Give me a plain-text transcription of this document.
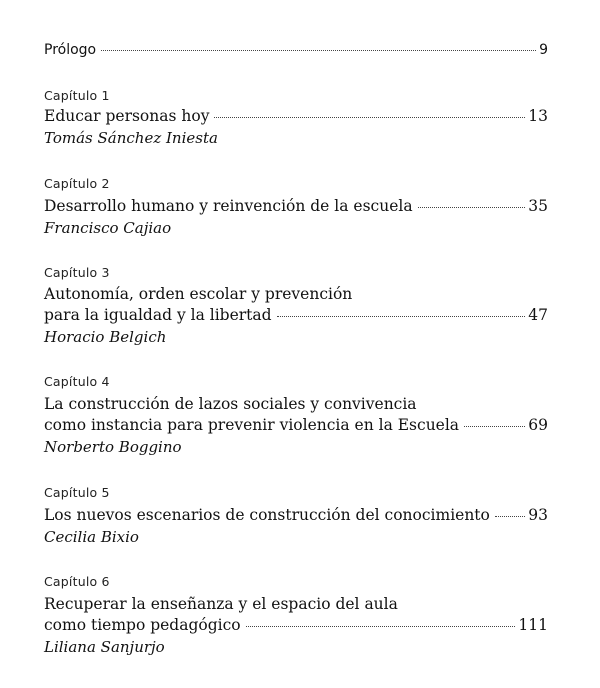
Prólogo	9
Capítulo 1
Educar personas hoy	13
Tomás Sánchez Iniesta
Capítulo 2
Desarrollo humano y reinvención de la escuela	35
Francisco Cajiao
Capítulo 3
Autonomía, orden escolar y prevención
para la igualdad y la libertad	47
Horacio Belgich
Capítulo 4
La construcción de lazos sociales y convivencia
como instancia para prevenir violencia en la Escuela	69
Norberto Boggino
Capítulo 5
Los nuevos escenarios de construcción del conocimiento 93
Cecilia Bixio
Capítulo 6
Recuperar la enseñanza y el espacio del aula
como tiempo pedagógico	111
Liliana Sanjurjo
